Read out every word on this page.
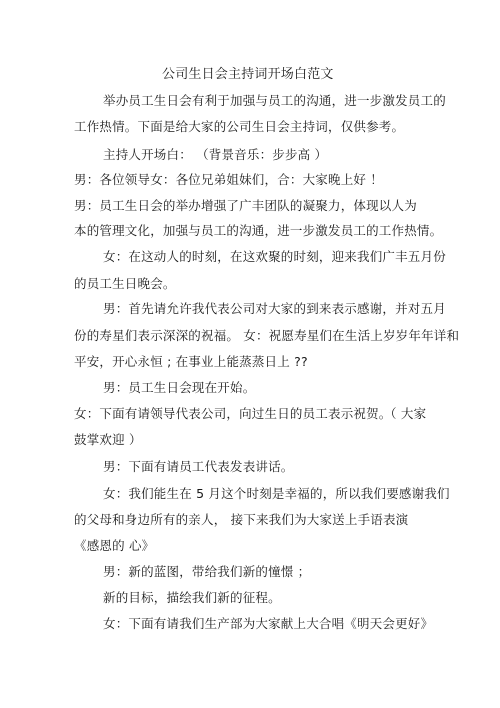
公司生日会主持词开场白范文
举办员工生日会有利于加强与员工的沟通，进一步激发员工的
工作热情。下面是给大家的公司生日会主持词，仅供参考。
主持人开场白： （背景音乐：步步高 ）
男：各位领导女：各位兄弟姐妹们，合：大家晚上好 ！
男：员工生日会的举办增强了广丰团队的凝聚力，体现以人为
本的管理文化，加强与员工的沟通，进一步激发员工的工作热情。
女：在这动人的时刻，在这欢聚的时刻，迎来我们广丰五月份
的员工生日晚会。
男：首先请允许我代表公司对大家的到来表示感谢，并对五月
份的寿星们表示深深的祝福。 女：祝愿寿星们在生活上岁岁年年详和
平安，开心永恒 ; 在事业上能蒸蒸日上 ??
男：员工生日会现在开始。
女：下面有请领导代表公司，向过生日的员工表示祝贺。
（ 大家
鼓掌欢迎 ）
男：下面有请员工代表发表讲话。
女：我们能生在 5 月这个时刻是幸福的，所以我们要感谢我们
的父母和身边所有的亲人， 接下来我们为大家送上手语表演
《感恩的 心》
男：新的蓝图，带给我们新的憧憬 ；
新的目标，描绘我们新的征程。
女：下面有请我们生产部为大家献上大合唱《明天会更好》
